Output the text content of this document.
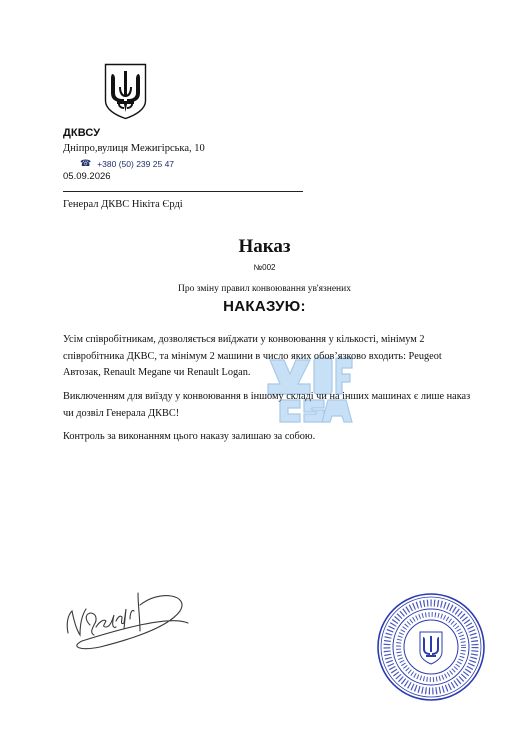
ДКВСУ
Дніпро,вулиця Межигірська, 10
☎ +380 (50) 239 25 47
05.09.2026
Генерал ДКВС Нікіта Єрді
Наказ
№002
Про зміну правил конвоювання ув'язнених
НАКАЗУЮ:

Усім співробітникам, дозволяється виїджати у конвоювання у кількості, мінімум 2 співробітника ДКВС, та мінімум 2 машини в число яких обов’язково входить: Peugeot Автозак, Renault Megane чи Renault Logan.

Виключенням для виїзду у конвоювання в іншому складі чи на інших машинах є лише наказ чи дозвіл Генерала ДКВС!

Контроль за виконанням цього наказу залишаю за собою.
